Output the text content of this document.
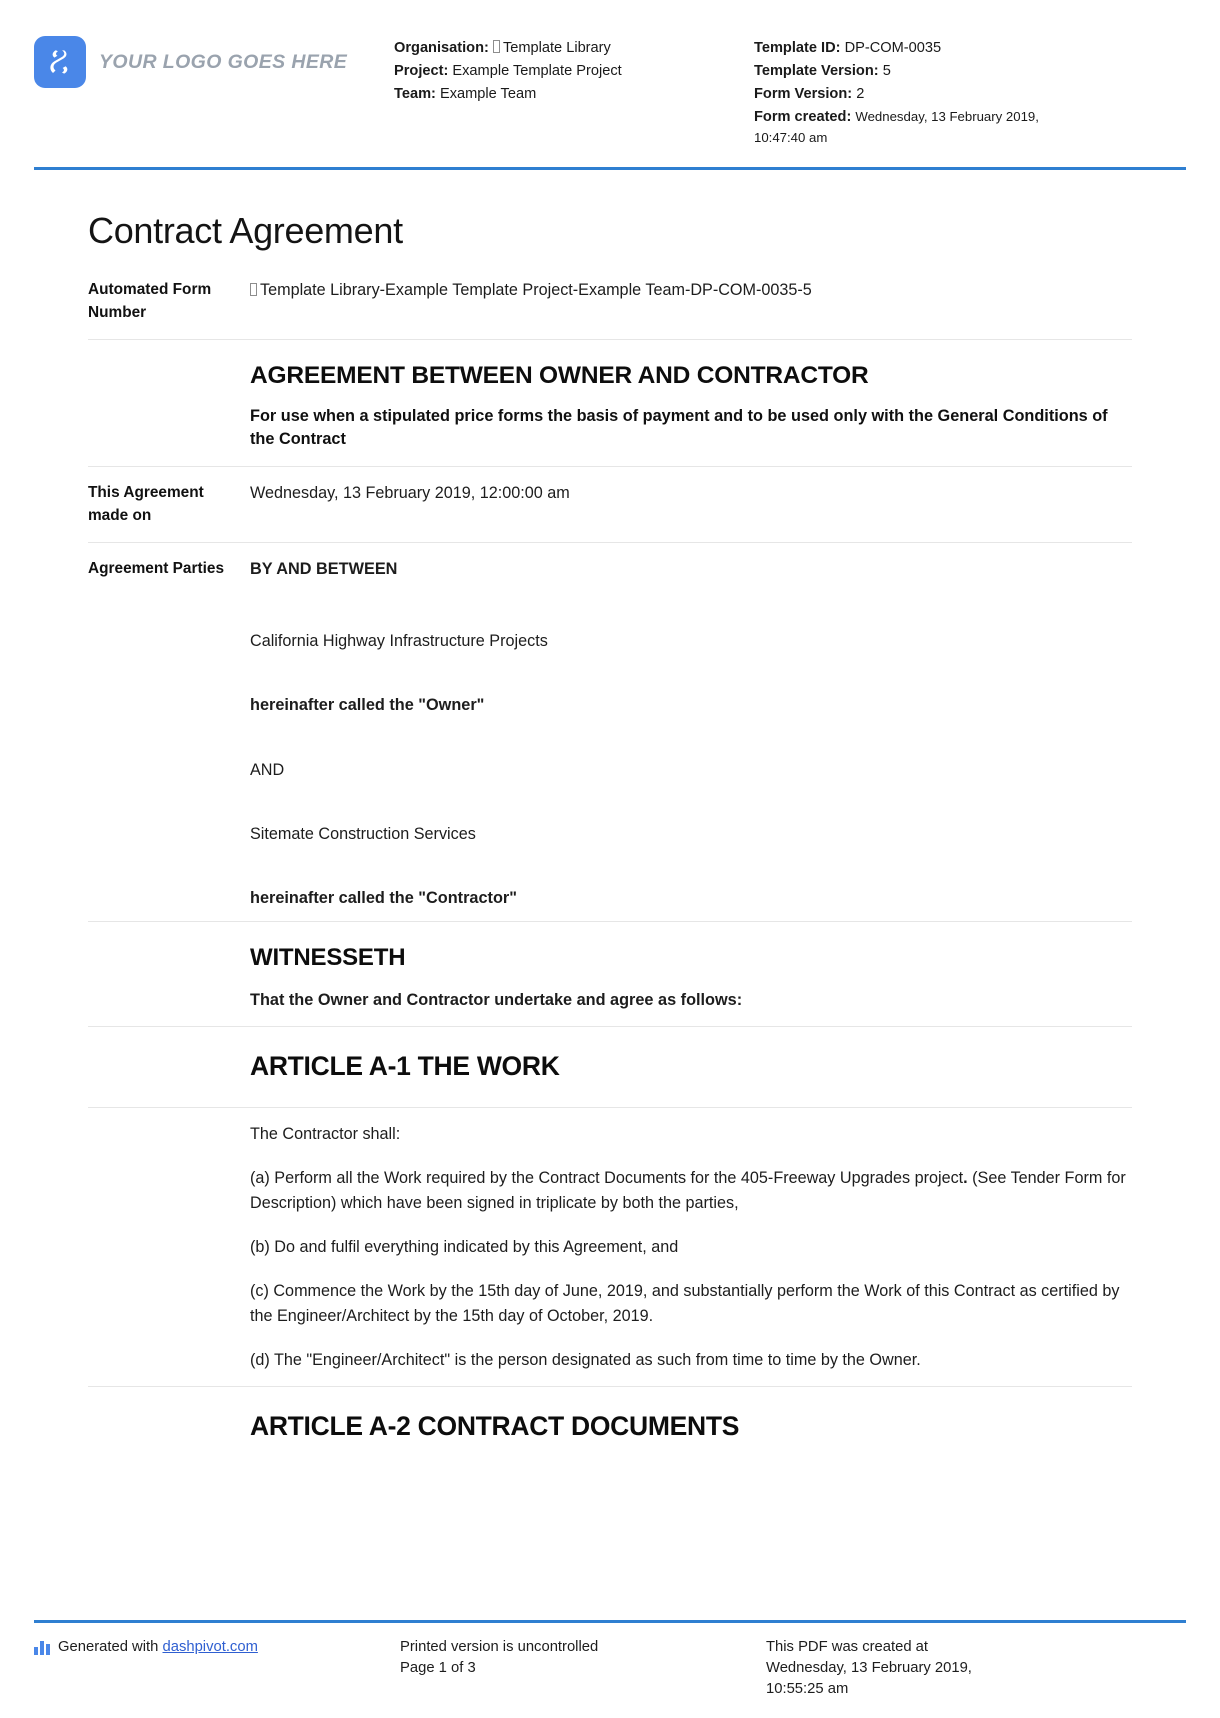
YOUR LOGO GOES HERE
Organisation: Template Library
Project: Example Template Project
Team: Example Team
Template ID: DP-COM-0035
Template Version: 5
Form Version: 2
Form created: Wednesday, 13 February 2019, 10:47:40 am
Contract Agreement
Automated Form Number
Template Library-Example Template Project-Example Team-DP-COM-0035-5
AGREEMENT BETWEEN OWNER AND CONTRACTOR
For use when a stipulated price forms the basis of payment and to be used only with the General Conditions of the Contract
This Agreement made on
Wednesday, 13 February 2019, 12:00:00 am
Agreement Parties	BY AND BETWEEN
California Highway Infrastructure Projects
hereinafter called the "Owner"
AND
Sitemate Construction Services
hereinafter called the "Contractor"
WITNESSETH
That the Owner and Contractor undertake and agree as follows:
ARTICLE A-1 THE WORK

The Contractor shall:

(a) Perform all the Work required by the Contract Documents for the 405-Freeway Upgrades project. (See Tender Form for Description) which have been signed in triplicate by both the parties,

(b) Do and fulfil everything indicated by this Agreement, and

(c) Commence the Work by the 15th day of June, 2019, and substantially perform the Work of this Contract as certified by the Engineer/Architect by the 15th day of October, 2019.

(d) The "Engineer/Architect" is the person designated as such from time to time by the Owner.

ARTICLE A-2 CONTRACT DOCUMENTS
Generated with dashpivot.com	Printed version is uncontrolled
Page 1 of 3
This PDF was created at
Wednesday, 13 February 2019, 10:55:25 am
